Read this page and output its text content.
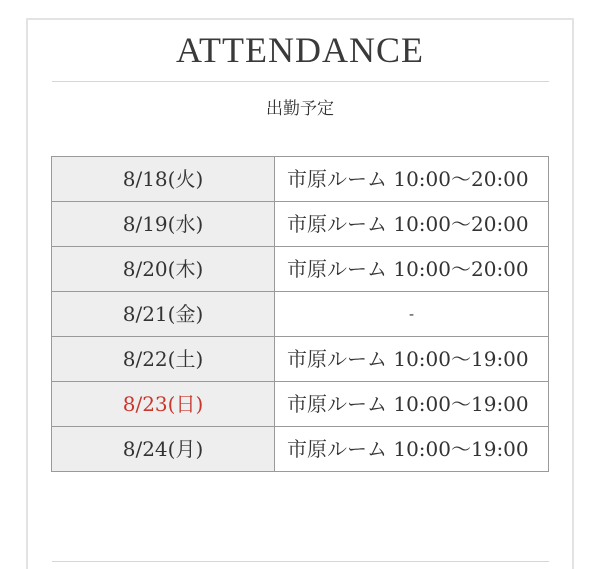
ATTENDANCE
出勤予定
8/18(火)	市原ルーム 10:00〜20:00
8/19(水)	市原ルーム 10:00〜20:00
8/20(木)	市原ルーム 10:00〜20:00
8/21(金)	-
8/22(土)	市原ルーム 10:00〜19:00
8/23(日)	市原ルーム 10:00〜19:00
8/24(月)	市原ルーム 10:00〜19:00
